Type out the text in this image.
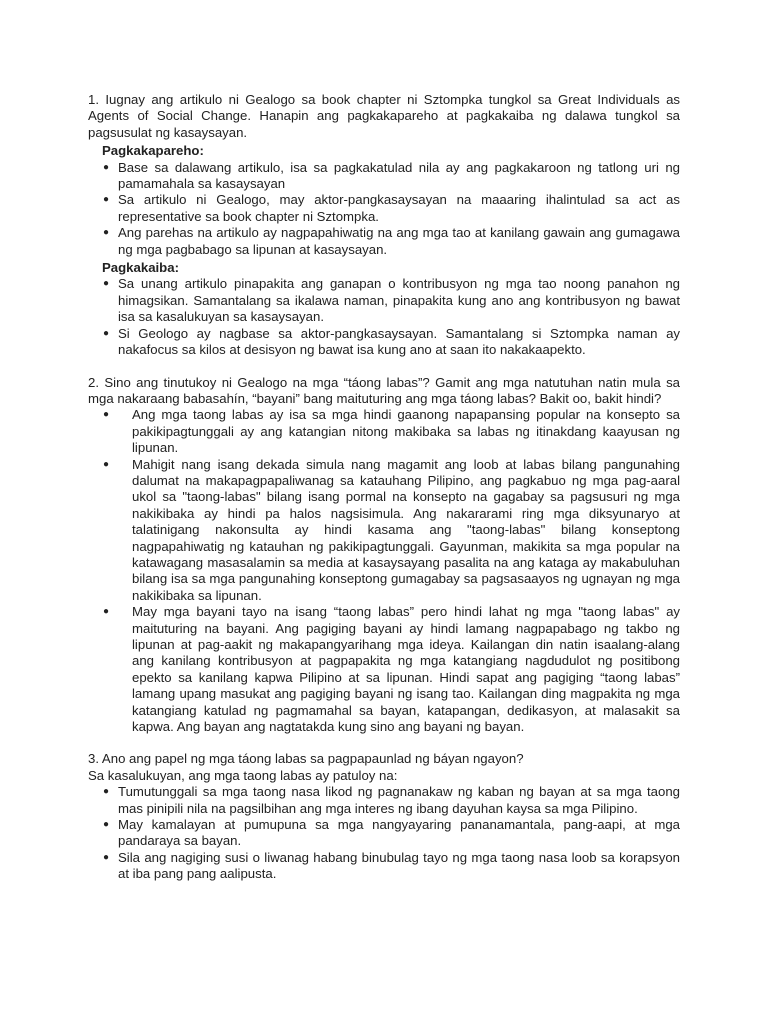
1. Iugnay ang artikulo ni Gealogo sa book chapter ni Sztompka tungkol sa Great Individuals as Agents of Social Change. Hanapin ang pagkakapareho at pagkakaiba ng dalawa tungkol sa pagsusulat ng kasaysayan.

Pagkakapareho:
● Base sa dalawang artikulo, isa sa pagkakatulad nila ay ang pagkakaroon ng tatlong uri ng pamamahala sa kasaysayan
● Sa artikulo ni Gealogo, may aktor-pangkasaysayan na maaaring ihalintulad sa act as representative sa book chapter ni Sztompka.
● Ang parehas na artikulo ay nagpapahiwatig na ang mga tao at kanilang gawain ang gumagawa ng mga pagbabago sa lipunan at kasaysayan.
Pagkakaiba:
● Sa unang artikulo pinapakita ang ganapan o kontribusyon ng mga tao noong panahon ng himagsikan. Samantalang sa ikalawa naman, pinapakita kung ano ang kontribusyon ng bawat isa sa kasalukuyan sa kasaysayan.
● Si Geologo ay nagbase sa aktor-pangkasaysayan. Samantalang si Sztompka naman ay nakafocus sa kilos at desisyon ng bawat isa kung ano at saan ito nakakaapekto.

2. Sino ang tinutukoy ni Gealogo na mga “táong labas”? Gamit ang mga natutuhan natin mula sa mga nakaraang babasahín, “bayani” bang maituturing ang mga táong labas? Bakit oo, bakit hindi?

● Ang mga taong labas ay isa sa mga hindi gaanong napapansing popular na konsepto sa pakikipagtunggali ay ang katangian nitong makibaka sa labas ng itinakdang kaayusan ng lipunan.
● Mahigit nang isang dekada simula nang magamit ang loob at labas bilang pangunahing dalumat na makapagpapaliwanag sa katauhang Pilipino, ang pagkabuo ng mga pag-aaral ukol sa "taong-labas" bilang isang pormal na konsepto na gagabay sa pagsusuri ng mga nakikibaka ay hindi pa halos nagsisimula. Ang nakararami ring mga diksyunaryo at talatinigang nakonsulta ay hindi kasama ang "taong-labas" bilang konseptong nagpapahiwatig ng katauhan ng pakikipagtunggali. Gayunman, makikita sa mga popular na katawagang masasalamin sa media at kasaysayang pasalita na ang kataga ay makabuluhan bilang isa sa mga pangunahing konseptong gumagabay sa pagsasaayos ng ugnayan ng mga nakikibaka sa lipunan.
● May mga bayani tayo na isang “taong labas” pero hindi lahat ng mga "taong labas" ay maituturing na bayani. Ang pagiging bayani ay hindi lamang nagpapabago ng takbo ng lipunan at pag-aakit ng makapangyarihang mga ideya. Kailangan din natin isaalang-alang ang kanilang kontribusyon at pagpapakita ng mga katangiang nagdudulot ng positibong epekto sa kanilang kapwa Pilipino at sa lipunan. Hindi sapat ang pagiging “taong labas” lamang upang masukat ang pagiging bayani ng isang tao. Kailangan ding magpakita ng mga katangiang katulad ng pagmamahal sa bayan, katapangan, dedikasyon, at malasakit sa kapwa. Ang bayan ang nagtatakda kung sino ang bayani ng bayan.

3. Ano ang papel ng mga táong labas sa pagpapaunlad ng báyan ngayon?

Sa kasalukuyan, ang mga taong labas ay patuloy na:

● Tumutunggali sa mga taong nasa likod ng pagnanakaw ng kaban ng bayan at sa mga taong mas pinipili nila na pagsilbihan ang mga interes ng ibang dayuhan kaysa sa mga Pilipino.
● May kamalayan at pumupuna sa mga nangyayaring pananamantala, pang-aapi, at mga pandaraya sa bayan.
● Sila ang nagiging susi o liwanag habang binubulag tayo ng mga taong nasa loob sa korapsyon at iba pang pang aalipusta.
